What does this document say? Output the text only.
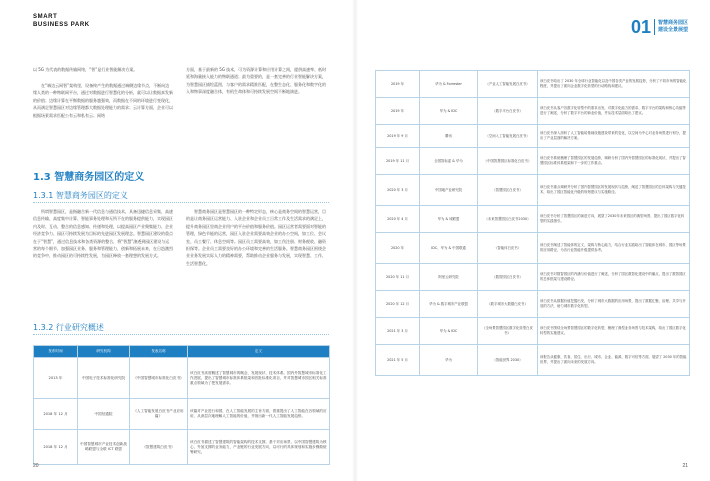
SMART
BUSINESS PARK

以 5G 为代表的数据传输网络，“智”是行业智能解决方案。

在“端边云网智”架构里，设备终产生的数据通过端侧边缘节点，不断向边缘人类的一种物联网平台，通过对数据进行智慧化的分析，就可以让数据真发新的价值；边缘计算在平衡数据的服务越强效，而数据在不同的环境进行变现化，从而满足智慧园区对边缘管理都大数据处理能力的需求；云计算方面，企业可以根据场景需求匹配公有云和私有云；网络

方面，基于最新的 5G 技术，可为资源计算和应用计算之间，提供高速率、低时延和海量接入能力的物联通道；最为重要的，是一套完善的行业智能解决方案，为智慧园区描绘蓝图，与客户的需求精准匹配，在整生态化、服务化和数字化的入和物事深度融合体，有机生命体和可持续发展空间不断地演进。

1.3 智慧商务园区的定义
1.3.1 智慧商务园区的定义

所谓智慧园区，是指融合新一代信息与通信技术，具备迅捷信息采集、高速信息传输、高度集中计算、智能事务处理和无所不在的服务提供能力，实现园区内及时、互动、整合的信息感知、传递和处理，以提高园区产业聚集能力、企业经济竞争力、园区可持续发展为目标的先进园区发展理念。智慧园区建设的重点在于“智慧”，通过信息技术和各类资源的整合，将“智慧”渗透到园区建设与运营的每个细节，加强园区业务、服务和管理能力，创新和拓展未来，在日趋激烈的竞争中，推动园区的可持续性发展，为园区释放一套理想的发展方式。

智慧商务园区是智慧园区的一种特定形态，核心是商务空间的智慧运营，目的是让商务园区运营能力、入驻企业和企业员工日常工作及生活需求的满足上，提升商务园区里商企业用户的平台价值和服务价值。园区运营者需要面对智能的管理，绿色节能的运营，园区入驻企业需要高效企业的办公空间，如工位、会议室、员工餐厅、休息空间等。园区员工需要高效，如工伤注册、财务税收、融资担保等。企业员工需要良好的办公环境和完善的生活服务。智慧商务园区围绕企业业务发展实际人力的精神需要，帮助推动企业服务与发展，实现智慧、工作、生活智慧化。

1.3.2 行业研究概述
发布时间	研究机构	发表名称	定义
2013 年	中国电子技术标准化研究院	《中国智慧城市标准化白皮书》	该白皮书高度概述了智慧城市的概念、发展现状、技术体系。国内外智慧城市标准化工作进展，提出了智慧城市标准体系框架和首批标准化项目，并对智慧城市园区相关标准重点领域为了把发展需求。
2018 年 12 月	中国信通院	《人工智能发展白皮书产业应用篇》	该篇对产业进行和园，在人工智能发展的主旨方面，着重提出了人工智能在各领域的应用，从深层次地理解人工智能的价值，并指出新一代人工智能发展趋势。
2018 年 12 月	中国智慧城市产业技术创新战略联盟与全联 ICT 联盟	《智慧建筑白皮书》	该白皮书描述了智慧建筑的智能架构的技术支撑，基于对应场景，以中国智慧建筑为核心，外加支撑的业务能力，产业链的行业发展方向，以可行的具体规划和实施步骤做统筹研究。
20
01 智慧商务园区
建设全景展望
2019 年	华为 & Forrester	《产业人工智能发展白皮书》	该白皮书给出了 2030 年全球行业智能化以及中国各类产业的发展趋势，分析了不同市场的智能化程度，并提出了面向企业数字化转型的行动路线和建议。
2019 年	华为 & IDC	《数字平台白皮书》	该白皮书从客户各数字化转型中的需求出发，对数字化能力的需求、数字平台的架构和核心功能等进行了阐述，分析了数字平台的商业价值，并从技术层面给出了建议。
2019 年 9 月	腾讯	《空间入工智能发展白皮书》	该白皮书深入剖析了人工智能给基础设施建设带来的变化，以空间为中心对业务场景进行划分，提出了产业层面的解决方案。
2019 年 11 月	全国智标委 & 华为	《中国智慧园区标准化白皮书》	该白皮书系统梳理了智慧园区的发展趋势，调研分析了国内外智慧园区的标准化现状，并提出了智慧园区标准体系框架和下一步的工作重点。
2020 年 3 月	中国地产业研究院	《智慧园区白皮书》	该白皮书重点调研并分析了国内智慧园区的发展现状与趋势，阐述了智慧园区的总体架构与关键技术，给出了园区智能化升级的规划建议与实施路径。
2020 年 4 月	华为 & 城联盟	《未来智慧园区白皮书2030》	该白皮书分析了智慧园区的演进方向，展望了2030年未来园区的典型场景，提出了园区数字化转型的实践指引。
2020 年	IDC、华为 & 中国联通	《智能体白皮书》	该白皮书阐述了智能体的定义、架构与核心能力，结合行业实践给出了智能体在城市、园区等场景的应用路径，为各行业智能升级提供参考。
2020 年 11 月	阿里云研究院	《数智园区白皮书》	该白皮书对数智园区的内涵与价值进行了阐述，分析了园区数智化建设中的痛点，提出了数智园区的总体框架与建设路径。
2020 年 12 月	华为 & 数字城市产业联盟	《数字城市大数据白皮书》	该白皮书从数据价值挖掘出发，分析了城市大数据的应用场景，提出了数据汇聚、治理、共享与开放的方法，助力城市数字化转型。
2021 年 3 月	华为 & IDC	《全场景智慧园区数字化转型白皮书》	该白皮书围绕全场景智慧园区的数字化转型，梳理了典型业务场景与技术架构，给出了园区数字化转型的实施建议。
2021 年 5 月	华为	《智能世界 2030》	该报告从健康、饮食、居住、出行、城市、企业、能源、数字可信等方面，展望了 2030 年的智能世界，并提出了面向未来的发展方向。
21
